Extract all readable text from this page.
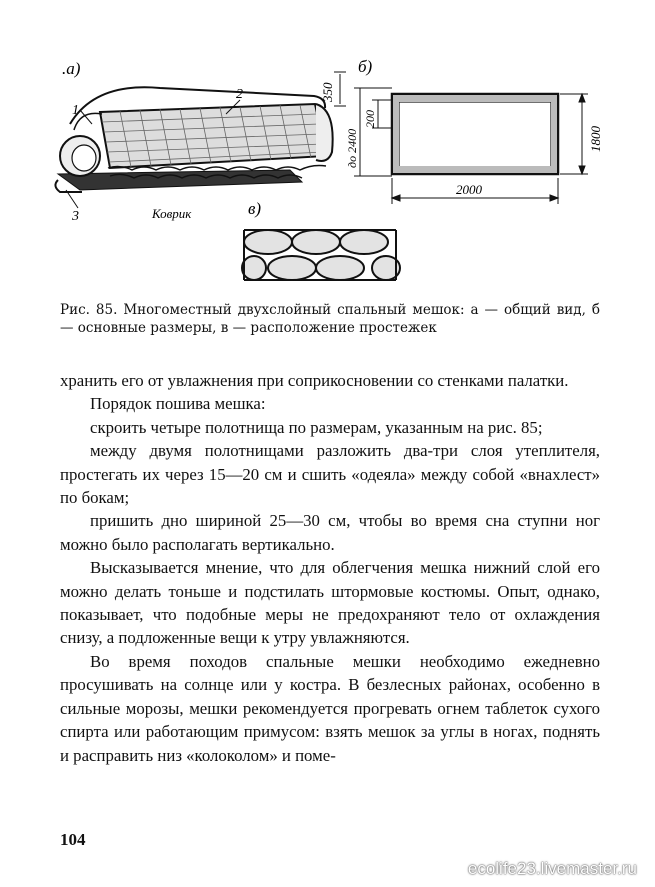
.a)
1
2
3	Коврик
350
б)
200
до 2400	1800
2000
в)
Рис. 85. Многоместный двухслойный спальный мешок: а — общий вид, б — основные размеры, в — расположение простежек

хранить его от увлажнения при соприкосновении со стенками палатки.

Порядок пошива мешка:

скроить четыре полотнища по размерам, указанным на рис. 85;

между двумя полотнищами разложить два-три слоя утеплителя, простегать их через 15—20 см и сшить «одеяла» между собой «внахлест» по бокам;

пришить дно шириной 25—30 см, чтобы во время сна ступни ног можно было располагать вертикально.

Высказывается мнение, что для облегчения мешка нижний слой его можно делать тоньше и подстилать штормовые костюмы. Опыт, однако, показывает, что подобные меры не предохраняют тело от охлаждения снизу, а подложенные вещи к утру увлажняются.

Во время походов спальные мешки необходимо ежедневно просушивать на солнце или у костра. В безлесных районах, особенно в сильные морозы, мешки рекомендуется прогревать огнем таблеток сухого спирта или работающим примусом: взять мешок за углы в ногах, поднять и расправить низ «колоколом» и поме-

104
ecolife23.livemaster.ru
